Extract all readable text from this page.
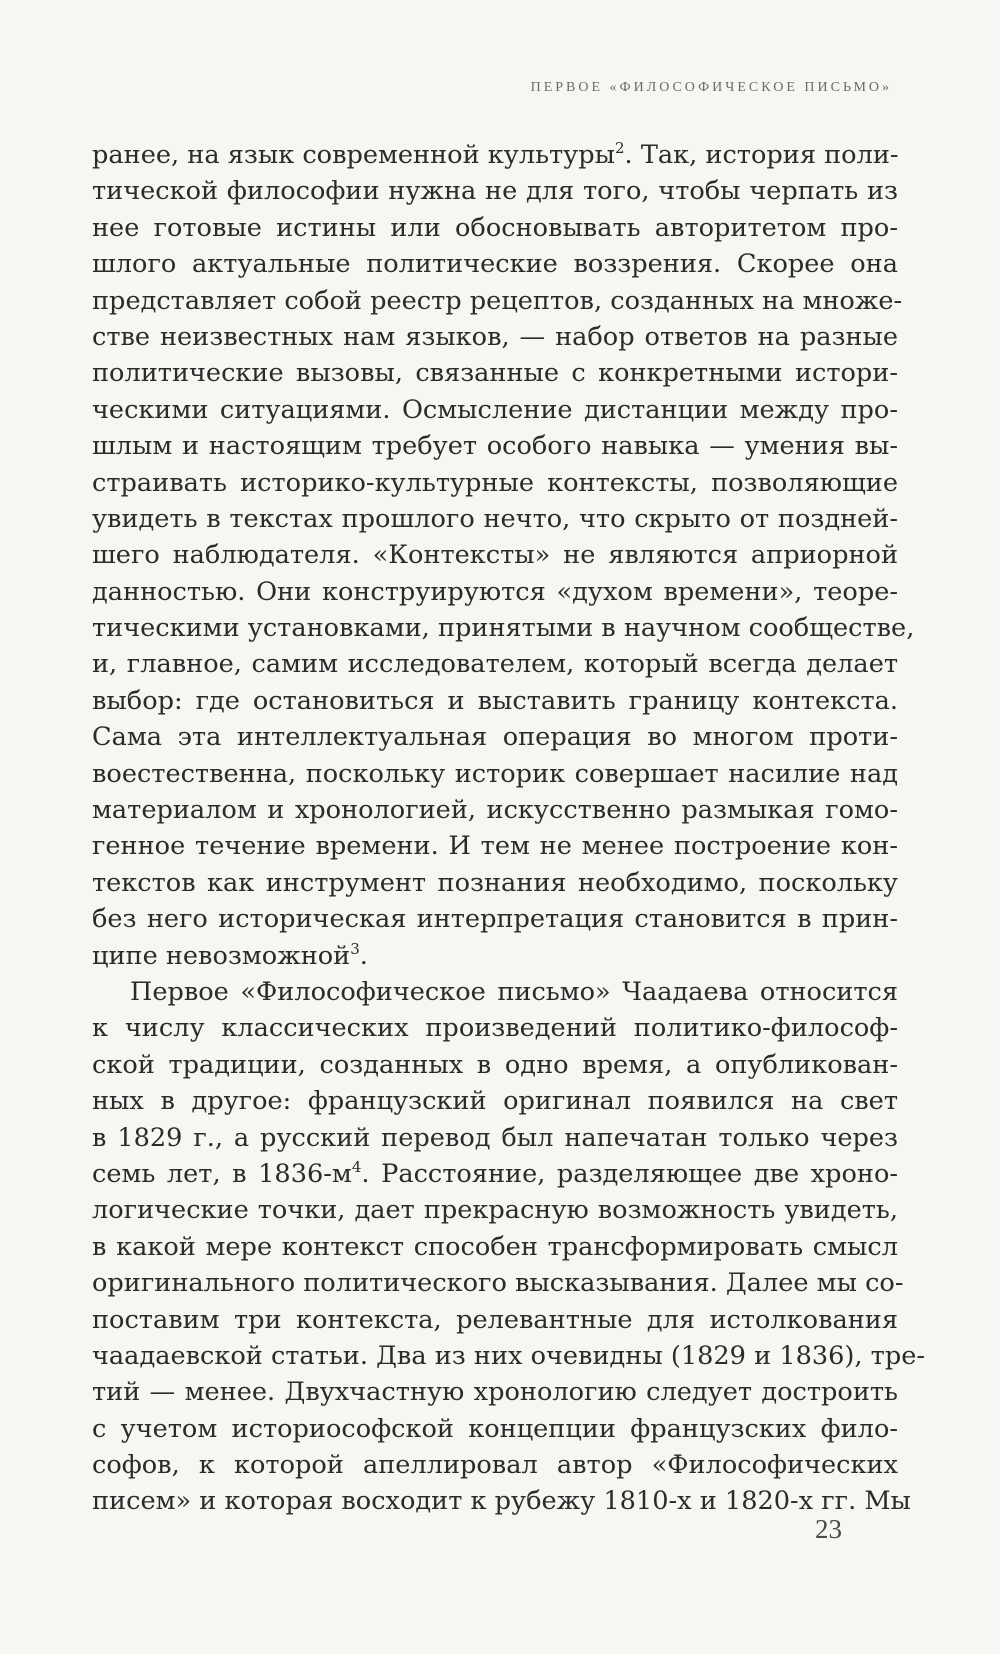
ПЕРВОЕ «ФИЛОСОФИЧЕСКОЕ ПИСЬМО»
ранее, на язык современной культуры$^2$. Так, история поли-
тической философии нужна не для того, чтобы черпать из
нее готовые истины или обосновывать авторитетом про-
шлого актуальные политические воззрения. Скорее она
представляет собой реестр рецептов, созданных на множе-
стве неизвестных нам языков, — набор ответов на разные
политические вызовы, связанные с конкретными истори-
ческими ситуациями. Осмысление дистанции между про-
шлым и настоящим требует особого навыка — умения вы-
страивать историко-культурные контексты, позволяющие
увидеть в текстах прошлого нечто, что скрыто от поздней-
шего наблюдателя. «Контексты» не являются априорной
данностью. Они конструируются «духом времени», теоре-
тическими установками, принятыми в научном сообществе,
и, главное, самим исследователем, который всегда делает
выбор: где остановиться и выставить границу контекста.
Сама эта интеллектуальная операция во многом проти-
воестественна, поскольку историк совершает насилие над
материалом и хронологией, искусственно размыкая гомо-
генное течение времени. И тем не менее построение кон-
текстов как инструмент познания необходимо, поскольку
без него историческая интерпретация становится в прин-
ципе невозможной$^3$.
Первое «Философическое письмо» Чаадаева относится
к числу классических произведений политико-философ-
ской традиции, созданных в одно время, а опубликован-
ных в другое: французский оригинал появился на свет
в 1829 г., а русский перевод был напечатан только через
семь лет, в 1836-м$^4$. Расстояние, разделяющее две хроно-
логические точки, дает прекрасную возможность увидеть,
в какой мере контекст способен трансформировать смысл
оригинального политического высказывания. Далее мы со-
поставим три контекста, релевантные для истолкования
чаадаевской статьи. Два из них очевидны (1829 и 1836), тре-
тий — менее. Двухчастную хронологию следует достроить
с учетом историософской концепции французских фило-
софов, к которой апеллировал автор «Философических
писем» и которая восходит к рубежу 1810-х и 1820-х гг. Мы
23
